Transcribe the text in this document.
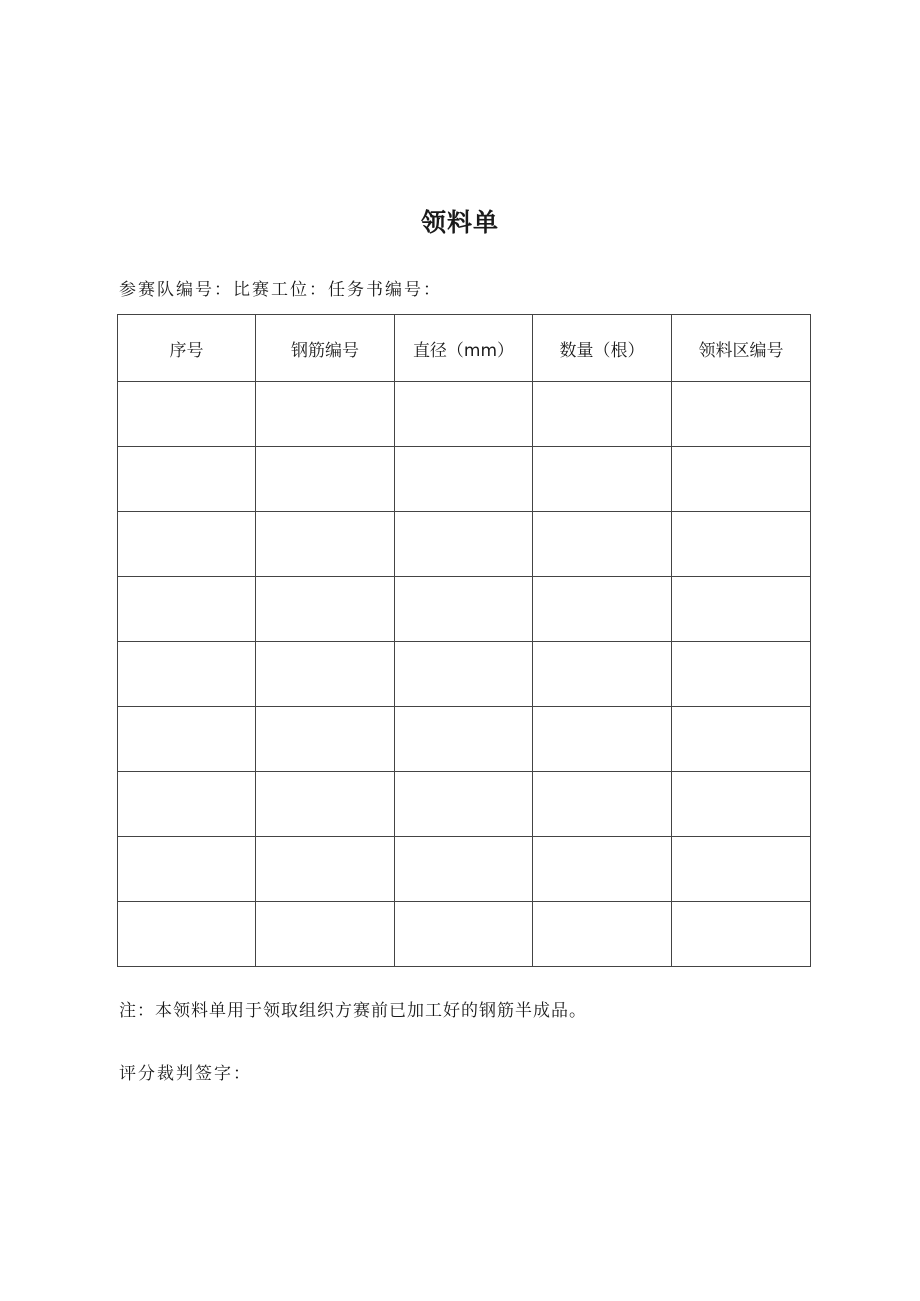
领料单
参赛队编号：比赛工位：任务书编号：
序号	钢筋编号	直径（mm）	数量（根）	领料区编号

注：本领料单用于领取组织方赛前已加工好的钢筋半成品。
评分裁判签字：
